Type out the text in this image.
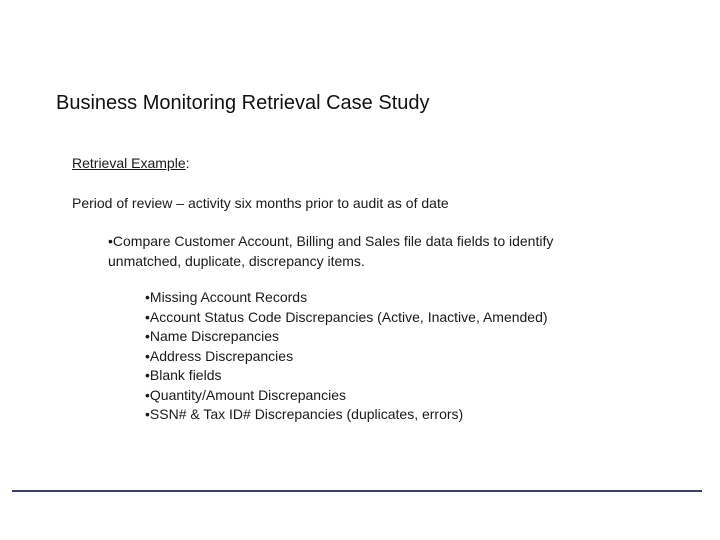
Business Monitoring Retrieval Case Study
Retrieval Example:
Period of review – activity six months prior to audit as of date
•Compare Customer Account, Billing and Sales file data fields to identify unmatched, duplicate, discrepancy items.
•Missing Account Records
•Account Status Code Discrepancies (Active, Inactive, Amended)
•Name Discrepancies
•Address Discrepancies
•Blank fields
•Quantity/Amount Discrepancies
•SSN# & Tax ID# Discrepancies (duplicates, errors)
